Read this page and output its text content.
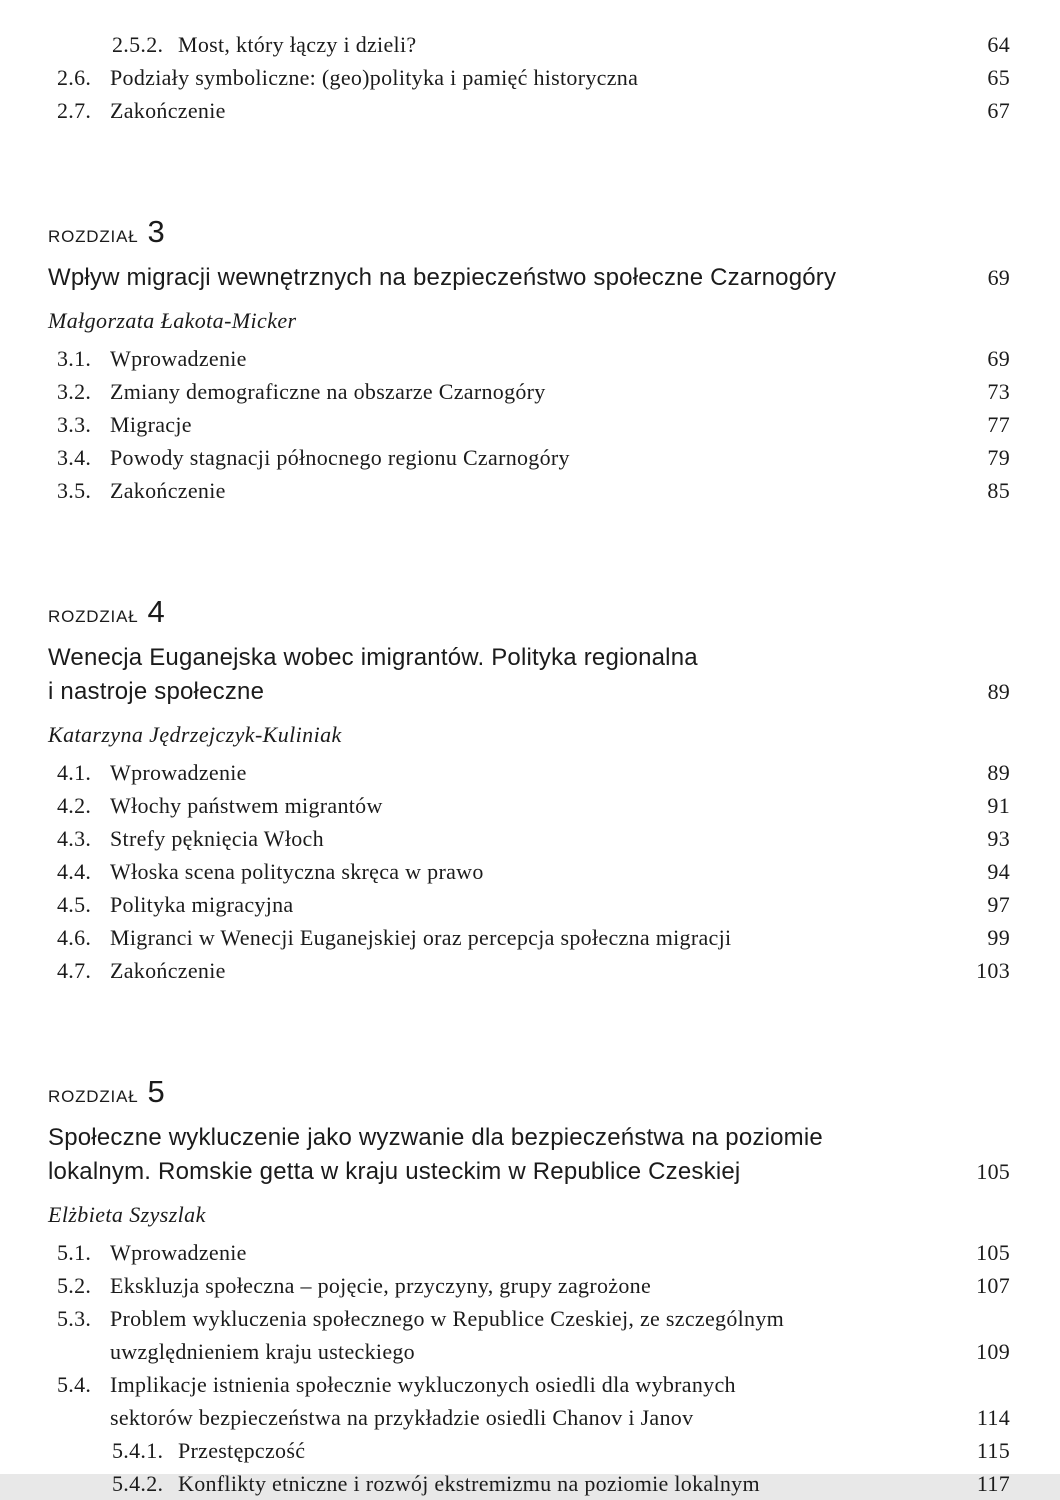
2.5.2. Most, który łączy i dzieli?	64
2.6. Podziały symboliczne: (geo)polityka i pamięć historyczna	65
2.7. Zakończenie	67
ROZDZIAŁ 3
Wpływ migracji wewnętrznych na bezpieczeństwo społeczne Czarnogóry	69
Małgorzata Łakota-Micker
3.1. Wprowadzenie	69
3.2. Zmiany demograficzne na obszarze Czarnogóry	73
3.3. Migracje	77
3.4. Powody stagnacji północnego regionu Czarnogóry	79
3.5. Zakończenie	85
ROZDZIAŁ 4
Wenecja Euganejska wobec imigrantów. Polityka regionalna
i nastroje społeczne	89
Katarzyna Jędrzejczyk-Kuliniak
4.1. Wprowadzenie	89
4.2. Włochy państwem migrantów	91
4.3. Strefy pęknięcia Włoch	93
4.4. Włoska scena polityczna skręca w prawo	94
4.5. Polityka migracyjna	97
4.6. Migranci w Wenecji Euganejskiej oraz percepcja społeczna migracji	99
4.7. Zakończenie	103
ROZDZIAŁ 5
Społeczne wykluczenie jako wyzwanie dla bezpieczeństwa na poziomie
lokalnym. Romskie getta w kraju usteckim w Republice Czeskiej	105
Elżbieta Szyszlak
5.1. Wprowadzenie	105
5.2. Ekskluzja społeczna – pojęcie, przyczyny, grupy zagrożone	107
5.3. Problem wykluczenia społecznego w Republice Czeskiej, ze szczególnym
uwzględnieniem kraju usteckiego	109
5.4. Implikacje istnienia społecznie wykluczonych osiedli dla wybranych
sektorów bezpieczeństwa na przykładzie osiedli Chanov i Janov	114
5.4.1. Przestępczość	115
5.4.2. Konflikty etniczne i rozwój ekstremizmu na poziomie lokalnym	117
